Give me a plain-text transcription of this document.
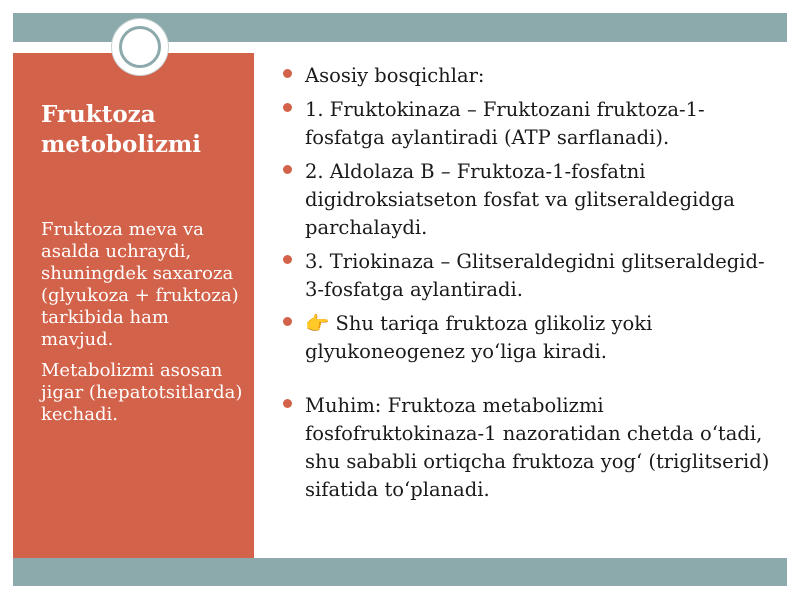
Fruktoza metobolizmi

Fruktoza meva va asalda uchraydi, shuningdek saxaroza (glyukoza + fruktoza) tarkibida ham mavjud.

Metabolizmi asosan jigar (hepatotsitlarda) kechadi.

Asosiy bosqichlar:
1. Fruktokinaza – Fruktozani fruktoza-1-fosfatga aylantiradi (ATP sarflanadi).
2. Aldolaza B – Fruktoza-1-fosfatni digidroksiatseton fosfat va glitseraldegidga parchalaydi.
3. Triokinaza – Glitseraldegidni glitseraldegid-3-fosfatga aylantiradi.
👉 Shu tariqa fruktoza glikoliz yoki glyukoneogenez yo‘liga kiradi.
Muhim: Fruktoza metabolizmi fosfofruktokinaza-1 nazoratidan chetda o‘tadi, shu sababli ortiqcha fruktoza yog‘ (triglitserid) sifatida to‘planadi.
